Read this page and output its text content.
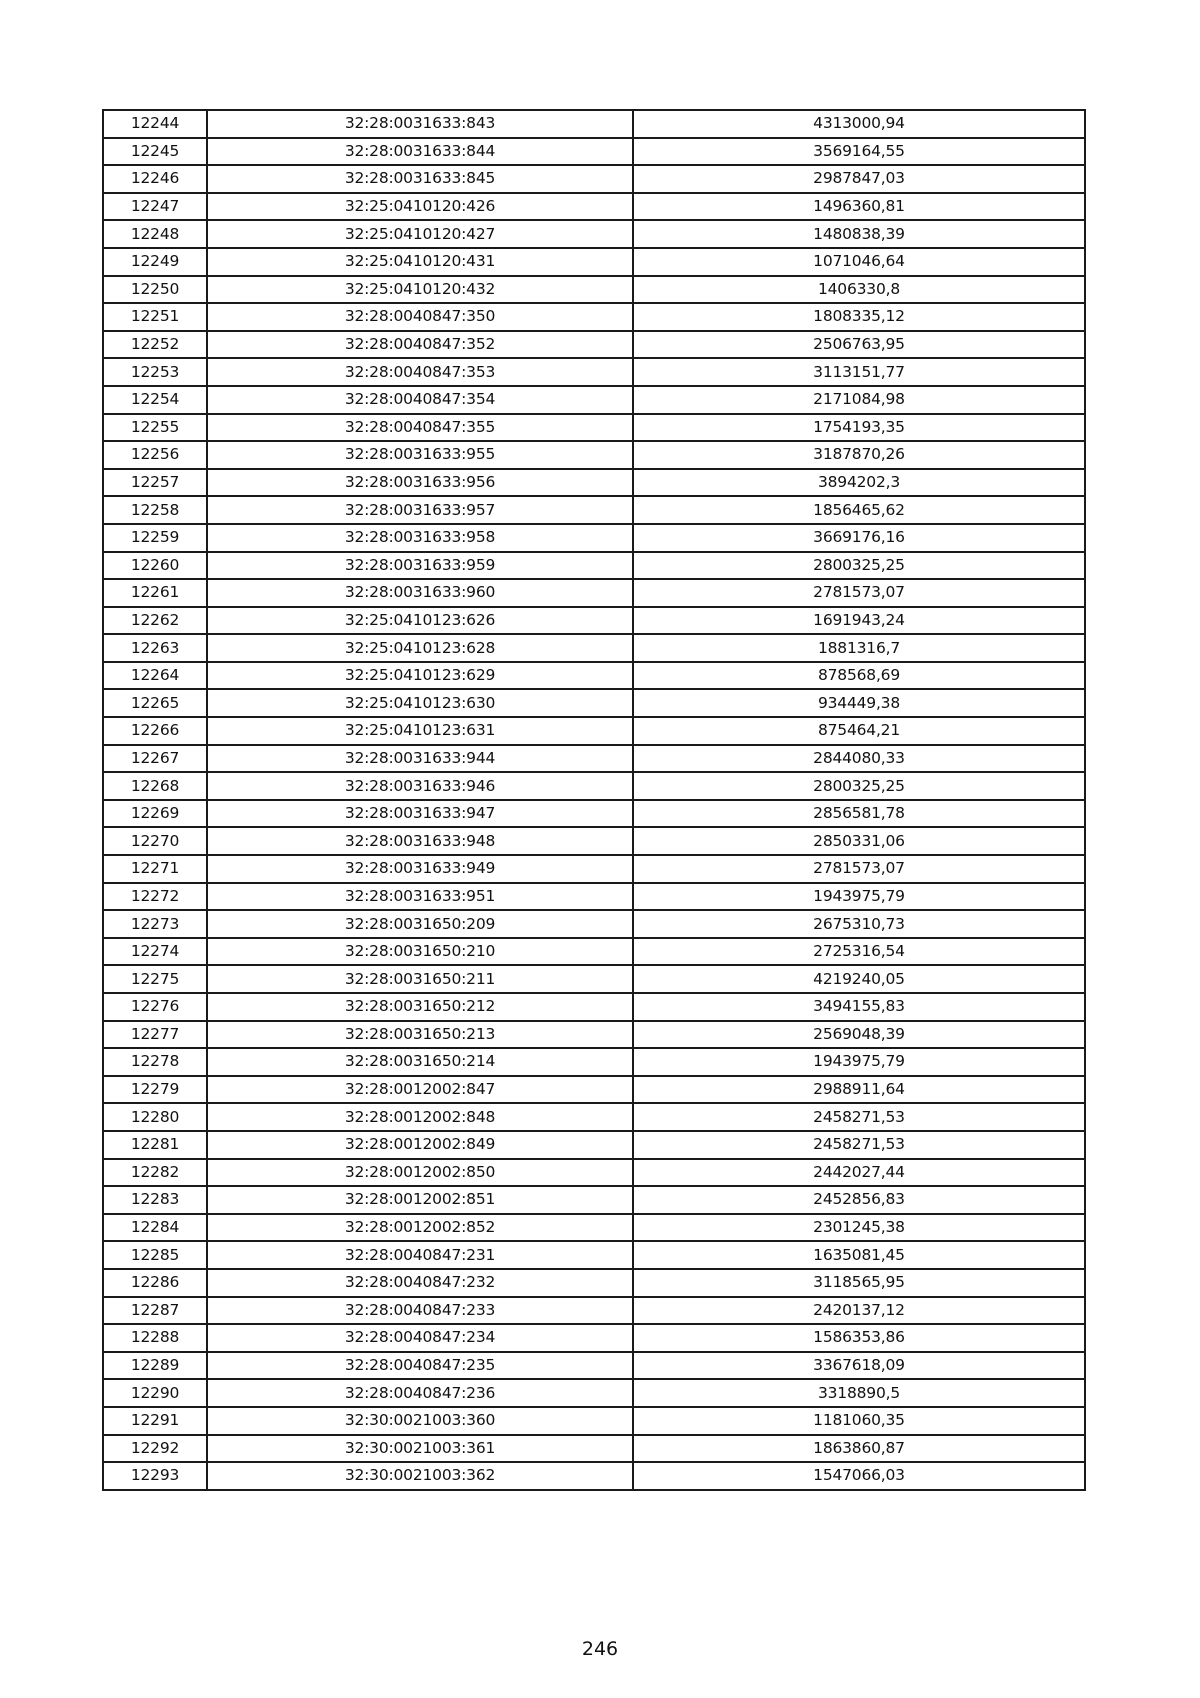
12244	32:28:0031633:843	4313000,94
12245	32:28:0031633:844	3569164,55
12246	32:28:0031633:845	2987847,03
12247	32:25:0410120:426	1496360,81
12248	32:25:0410120:427	1480838,39
12249	32:25:0410120:431	1071046,64
12250	32:25:0410120:432	1406330,8
12251	32:28:0040847:350	1808335,12
12252	32:28:0040847:352	2506763,95
12253	32:28:0040847:353	3113151,77
12254	32:28:0040847:354	2171084,98
12255	32:28:0040847:355	1754193,35
12256	32:28:0031633:955	3187870,26
12257	32:28:0031633:956	3894202,3
12258	32:28:0031633:957	1856465,62
12259	32:28:0031633:958	3669176,16
12260	32:28:0031633:959	2800325,25
12261	32:28:0031633:960	2781573,07
12262	32:25:0410123:626	1691943,24
12263	32:25:0410123:628	1881316,7
12264	32:25:0410123:629	878568,69
12265	32:25:0410123:630	934449,38
12266	32:25:0410123:631	875464,21
12267	32:28:0031633:944	2844080,33
12268	32:28:0031633:946	2800325,25
12269	32:28:0031633:947	2856581,78
12270	32:28:0031633:948	2850331,06
12271	32:28:0031633:949	2781573,07
12272	32:28:0031633:951	1943975,79
12273	32:28:0031650:209	2675310,73
12274	32:28:0031650:210	2725316,54
12275	32:28:0031650:211	4219240,05
12276	32:28:0031650:212	3494155,83
12277	32:28:0031650:213	2569048,39
12278	32:28:0031650:214	1943975,79
12279	32:28:0012002:847	2988911,64
12280	32:28:0012002:848	2458271,53
12281	32:28:0012002:849	2458271,53
12282	32:28:0012002:850	2442027,44
12283	32:28:0012002:851	2452856,83
12284	32:28:0012002:852	2301245,38
12285	32:28:0040847:231	1635081,45
12286	32:28:0040847:232	3118565,95
12287	32:28:0040847:233	2420137,12
12288	32:28:0040847:234	1586353,86
12289	32:28:0040847:235	3367618,09
12290	32:28:0040847:236	3318890,5
12291	32:30:0021003:360	1181060,35
12292	32:30:0021003:361	1863860,87
12293	32:30:0021003:362	1547066,03
246
